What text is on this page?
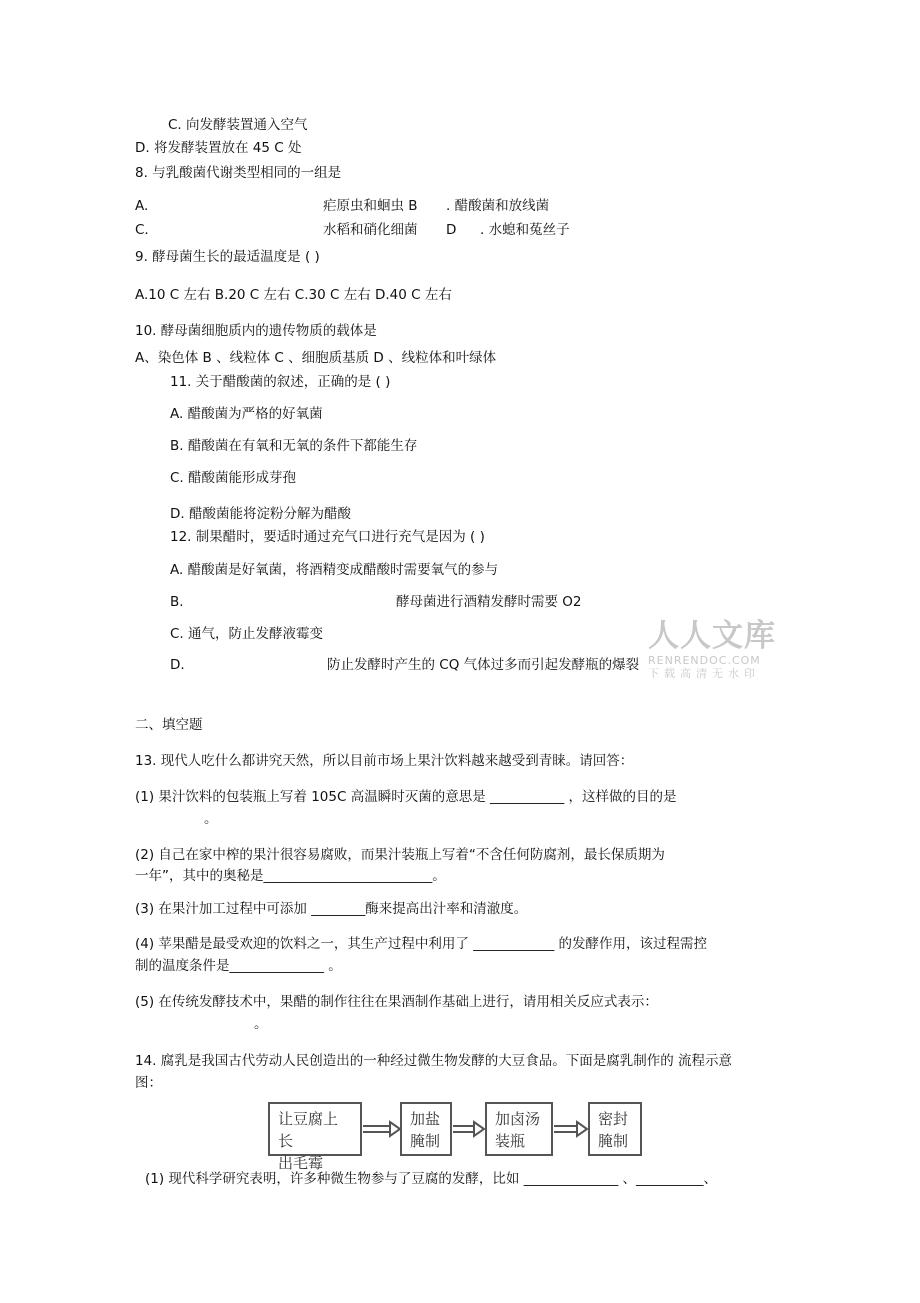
C. 向发酵装置通入空气
D. 将发酵装置放在 45 C 处
8. 与乳酸菌代谢类型相同的一组是
A.	疟原虫和蛔虫 B . 醋酸菌和放线菌
C.	水稻和硝化细菌 D . 水螅和菟丝子
9. 酵母菌生长的最适温度是 ( )
A.10 C 左右 B.20 C 左右 C.30 C 左右 D.40 C 左右
10. 酵母菌细胞质内的遗传物质的载体是
A、染色体 B 、线粒体 C 、细胞质基质 D 、线粒体和叶绿体
11. 关于醋酸菌的叙述，正确的是 ( )
A. 醋酸菌为严格的好氧菌
B. 醋酸菌在有氧和无氧的条件下都能生存
C. 醋酸菌能形成芽孢
D. 醋酸菌能将淀粉分解为醋酸
12. 制果醋时，要适时通过充气口进行充气是因为 ( )
A. 醋酸菌是好氧菌，将酒精变成醋酸时需要氧气的参与
B.	酵母菌进行酒精发酵时需要 O2
C. 通气，防止发酵液霉变
D.	防止发酵时产生的 CQ 气体过多而引起发酵瓶的爆裂
人人文库
RENRENDOC.COM
下载高清无水印
二、填空题
13. 现代人吃什么都讲究天然，所以目前市场上果汁饮料越来越受到青睐。请回答：
(1) 果汁饮料的包装瓶上写着 105C 高温瞬时灭菌的意思是 ___________ ，这样做的目的是
。
(2) 自己在家中榨的果汁很容易腐败，而果汁装瓶上写着“不含任何防腐剂，最长保质期为
一年”，其中的奥秘是_________________________。
(3) 在果汁加工过程中可添加 ________酶来提高出汁率和清澈度。
(4) 苹果醋是最受欢迎的饮料之一，其生产过程中利用了 ____________ 的发酵作用，该过程需控
制的温度条件是______________ 。
(5) 在传统发酵技术中，果醋的制作往往在果酒制作基础上进行，请用相关反应式表示：
。
14. 腐乳是我国古代劳动人民创造出的一种经过微生物发酵的大豆食品。下面是腐乳制作的 流程示意
图：
让豆腐上长
出毛霉
加盐
腌制
加卤汤
装瓶
密封
腌制
(1) 现代科学研究表明，许多种微生物参与了豆腐的发酵，比如 ______________ 、__________、
